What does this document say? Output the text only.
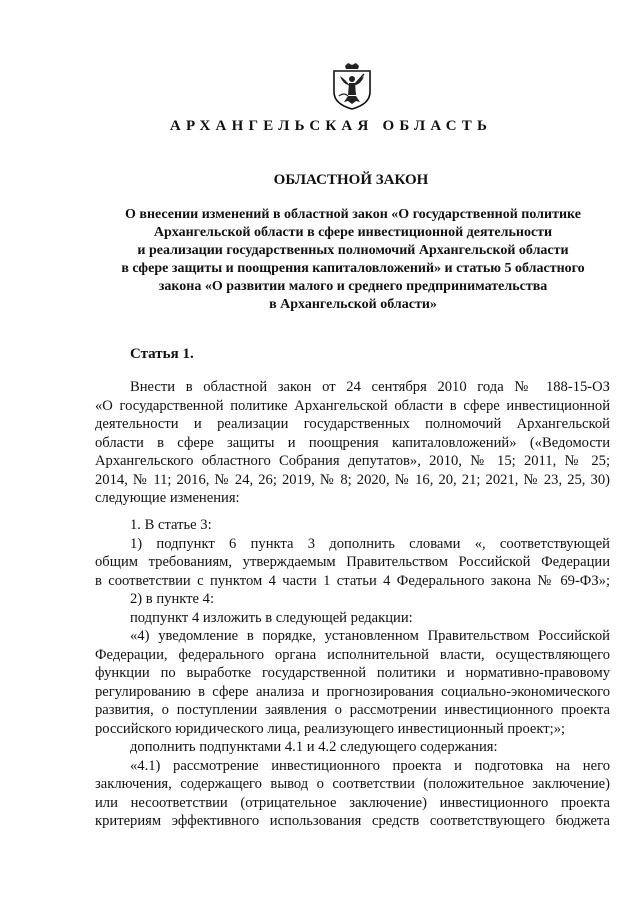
АРХАНГЕЛЬСКАЯ ОБЛАСТЬ
ОБЛАСТНОЙ ЗАКОН
О внесении изменений в областной закон «О государственной политике
Архангельской области в сфере инвестиционной деятельности
и реализации государственных полномочий Архангельской области
в сфере защиты и поощрения капиталовложений» и статью 5 областного
закона «О развитии малого и среднего предпринимательства
в Архангельской области»
Статья 1.
Внести в областной закон от 24 сентября 2010 года № 188-15-ОЗ
«О государственной политике Архангельской области в сфере инвестиционной
деятельности и реализации государственных полномочий Архангельской
области в сфере защиты и поощрения капиталовложений» («Ведомости
Архангельского областного Собрания депутатов», 2010, № 15; 2011, № 25;
2014, № 11; 2016, № 24, 26; 2019, № 8; 2020, № 16, 20, 21; 2021, № 23, 25, 30)
следующие изменения:
1. В статье 3:
1) подпункт 6 пункта 3 дополнить словами «, соответствующей
общим требованиям, утверждаемым Правительством Российской Федерации
в соответствии с пунктом 4 части 1 статьи 4 Федерального закона № 69-ФЗ»;
2) в пункте 4:
подпункт 4 изложить в следующей редакции:
«4) уведомление в порядке, установленном Правительством Российской
Федерации, федерального органа исполнительной власти, осуществляющего
функции по выработке государственной политики и нормативно-правовому
регулированию в сфере анализа и прогнозирования социально-экономического
развития, о поступлении заявления о рассмотрении инвестиционного проекта
российского юридического лица, реализующего инвестиционный проект;»;
дополнить подпунктами 4.1 и 4.2 следующего содержания:
«4.1) рассмотрение инвестиционного проекта и подготовка на него
заключения, содержащего вывод о соответствии (положительное заключение)
или несоответствии (отрицательное заключение) инвестиционного проекта
критериям эффективного использования средств соответствующего бюджета
